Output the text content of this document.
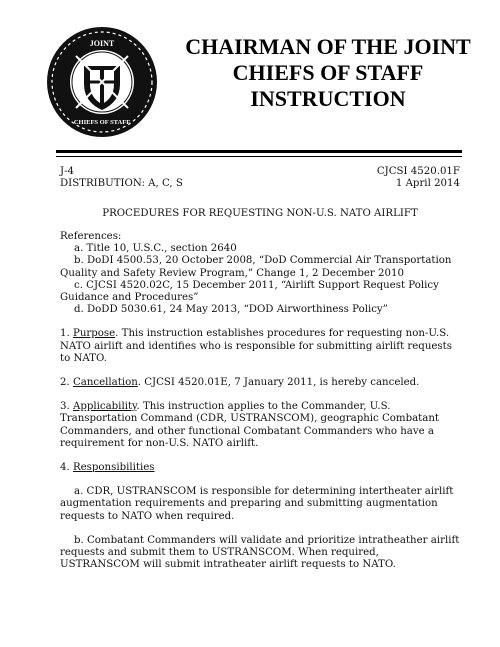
JOINT
CHIEFS OF STAFF
CHAIRMAN OF THE JOINT
CHIEFS OF STAFF
INSTRUCTION
J-4	CJCSI 4520.01F
DISTRIBUTION: A, C, S	1 April 2014
PROCEDURES FOR REQUESTING NON-U.S. NATO AIRLIFT

References:

a. Title 10, U.S.C., section 2640

b. DoDI 4500.53, 20 October 2008, “DoD Commercial Air Transportation Quality and Safety Review Program,” Change 1, 2 December 2010

c. CJCSI 4520.02C, 15 December 2011, “Airlift Support Request Policy Guidance and Procedures”

d. DoDD 5030.61, 24 May 2013, “DOD Airworthiness Policy”

1. Purpose. This instruction establishes procedures for requesting non-U.S. NATO airlift and identifies who is responsible for submitting airlift requests to NATO.

2. Cancellation. CJCSI 4520.01E, 7 January 2011, is hereby canceled.

3. Applicability. This instruction applies to the Commander, U.S. Transportation Command (CDR, USTRANSCOM), geographic Combatant Commanders, and other functional Combatant Commanders who have a requirement for non-U.S. NATO airlift.

4. Responsibilities

a. CDR, USTRANSCOM is responsible for determining intertheater airlift augmentation requirements and preparing and submitting augmentation requests to NATO when required.

b. Combatant Commanders will validate and prioritize intratheather airlift requests and submit them to USTRANSCOM. When required, USTRANSCOM will submit intratheater airlift requests to NATO.
